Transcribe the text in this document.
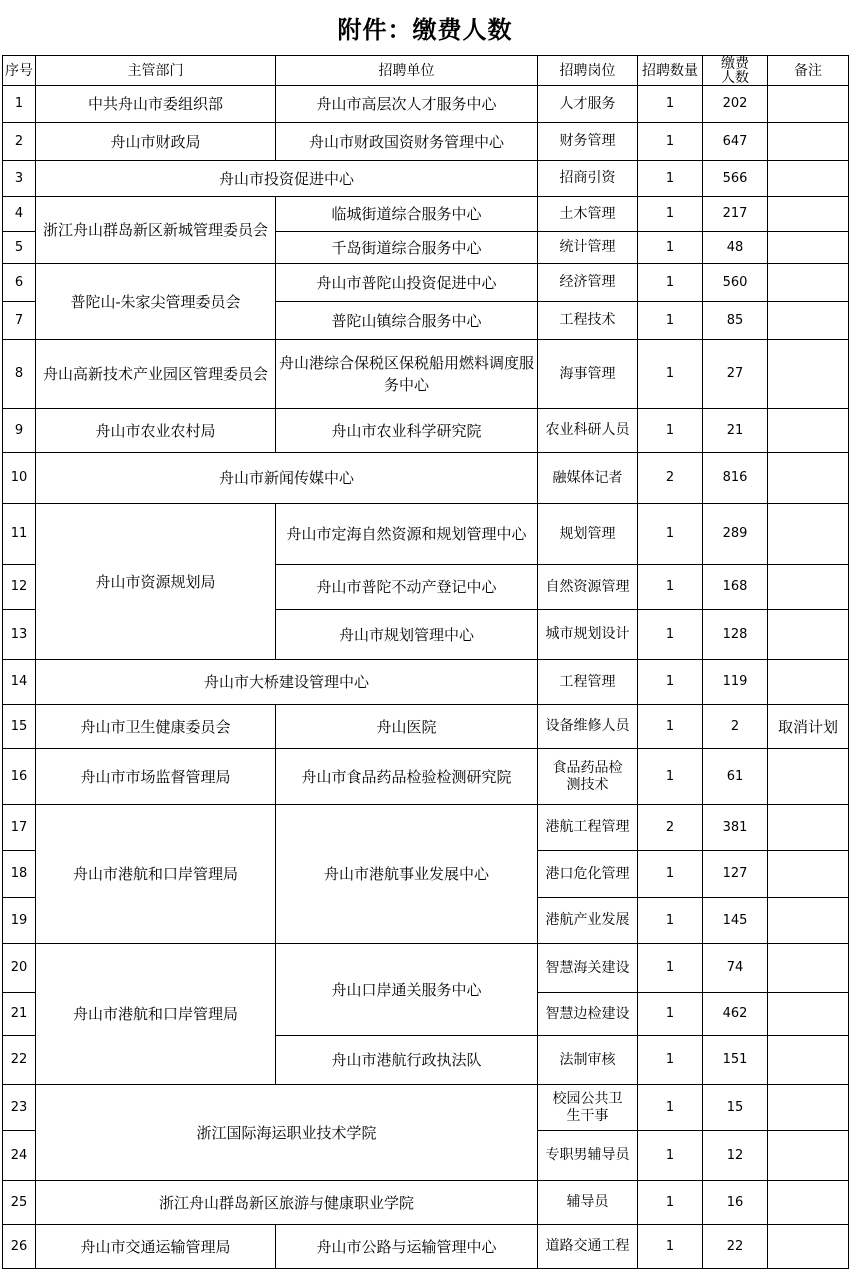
附件：缴费人数
序号	主管部门	招聘单位	招聘岗位	招聘数量	缴费人数	备注
1	中共舟山市委组织部	舟山市高层次人才服务中心	人才服务	1	202	
2	舟山市财政局	舟山市财政国资财务管理中心	财务管理	1	647	
3	舟山市投资促进中心		招商引资	1	566	
4	浙江舟山群岛新区新城管理委员会	临城街道综合服务中心	土木管理	1	217	
5		千岛街道综合服务中心	统计管理	1	48	
6	普陀山-朱家尖管理委员会	舟山市普陀山投资促进中心	经济管理	1	560	
7		普陀山镇综合服务中心	工程技术	1	85	
8	舟山高新技术产业园区管理委员会	舟山港综合保税区保税船用燃料调度服务中心	海事管理	1	27	
9	舟山市农业农村局	舟山市农业科学研究院	农业科研人员	1	21	
10	舟山市新闻传媒中心		融媒体记者	2	816	
11	舟山市资源规划局	舟山市定海自然资源和规划管理中心	规划管理	1	289	
12		舟山市普陀不动产登记中心	自然资源管理	1	168	
13		舟山市规划管理中心	城市规划设计	1	128	
14	舟山市大桥建设管理中心		工程管理	1	119	
15	舟山市卫生健康委员会	舟山医院	设备维修人员	1	2	取消计划
16	舟山市市场监督管理局	舟山市食品药品检验检测研究院	食品药品检测技术	1	61	
17	舟山市港航和口岸管理局	舟山市港航事业发展中心	港航工程管理	2	381	
18			港口危化管理	1	127	
19			港航产业发展	1	145	
20	舟山市港航和口岸管理局	舟山口岸通关服务中心	智慧海关建设	1	74	
21			智慧边检建设	1	462	
22		舟山市港航行政执法队	法制审核	1	151	
23	浙江国际海运职业技术学院		校园公共卫生干事	1	15	
24			专职男辅导员	1	12	
25	浙江舟山群岛新区旅游与健康职业学院		辅导员	1	16	
26	舟山市交通运输管理局	舟山市公路与运输管理中心	道路交通工程	1	22	
